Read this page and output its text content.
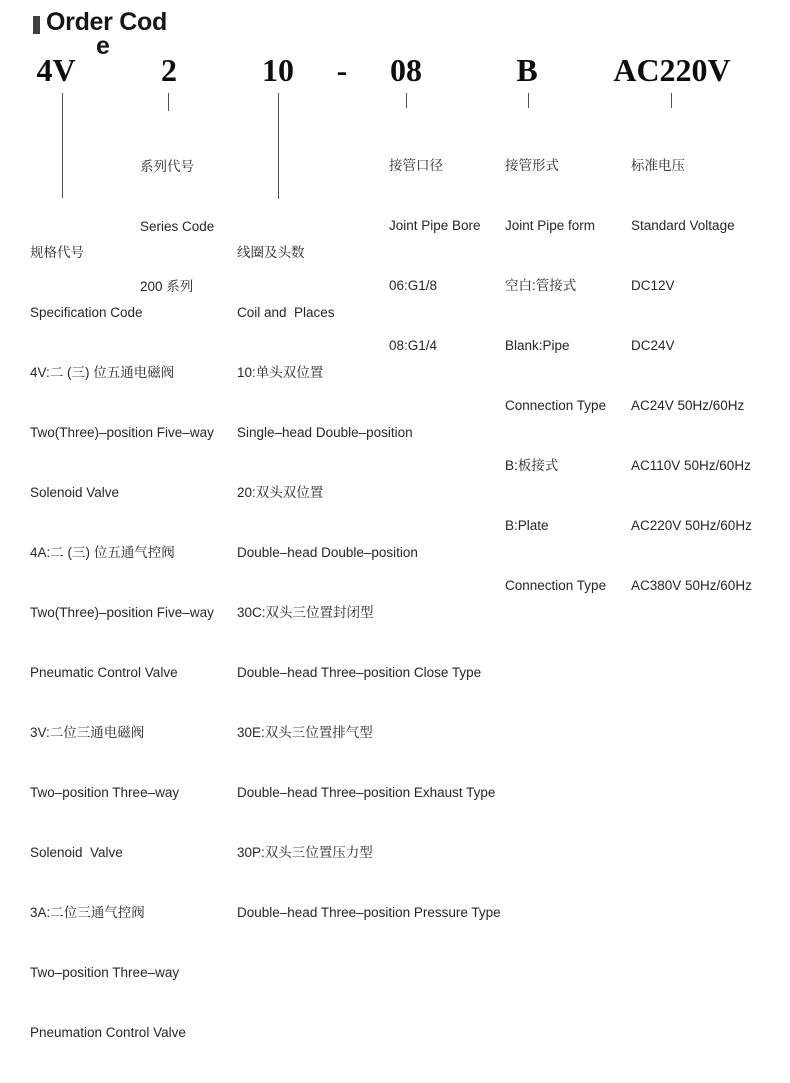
Order Cod
e
4V	2	10 - 08	B AC220V

系列代号

Series Code

200 系列

接管口径

Joint Pipe Bore

06:G1/8

08:G1/4

接管形式

Joint Pipe form

空白:管接式

Blank:Pipe

Connection Type

B:板接式

B:Plate

Connection Type

标准电压

Standard Voltage

DC12V

DC24V

AC24V 50Hz/60Hz

AC110V 50Hz/60Hz

AC220V 50Hz/60Hz

AC380V 50Hz/60Hz

规格代号

Specification Code

4V:二 (三) 位五通电磁阀

Two(Three)–position Five–way

Solenoid Valve

4A:二 (三) 位五通气控阀

Two(Three)–position Five–way

Pneumatic Control Valve

3V:二位三通电磁阀

Two–position Three–way

Solenoid  Valve

3A:二位三通气控阀

Two–position Three–way

Pneumation Control Valve

线圈及头数

Coil and  Places

10:单头双位置

Single–head Double–position

20:双头双位置

Double–head Double–position

30C:双头三位置封闭型

Double–head Three–position Close Type

30E:双头三位置排气型

Double–head Three–position Exhaust Type

30P:双头三位置压力型

Double–head Three–position Pressure Type
